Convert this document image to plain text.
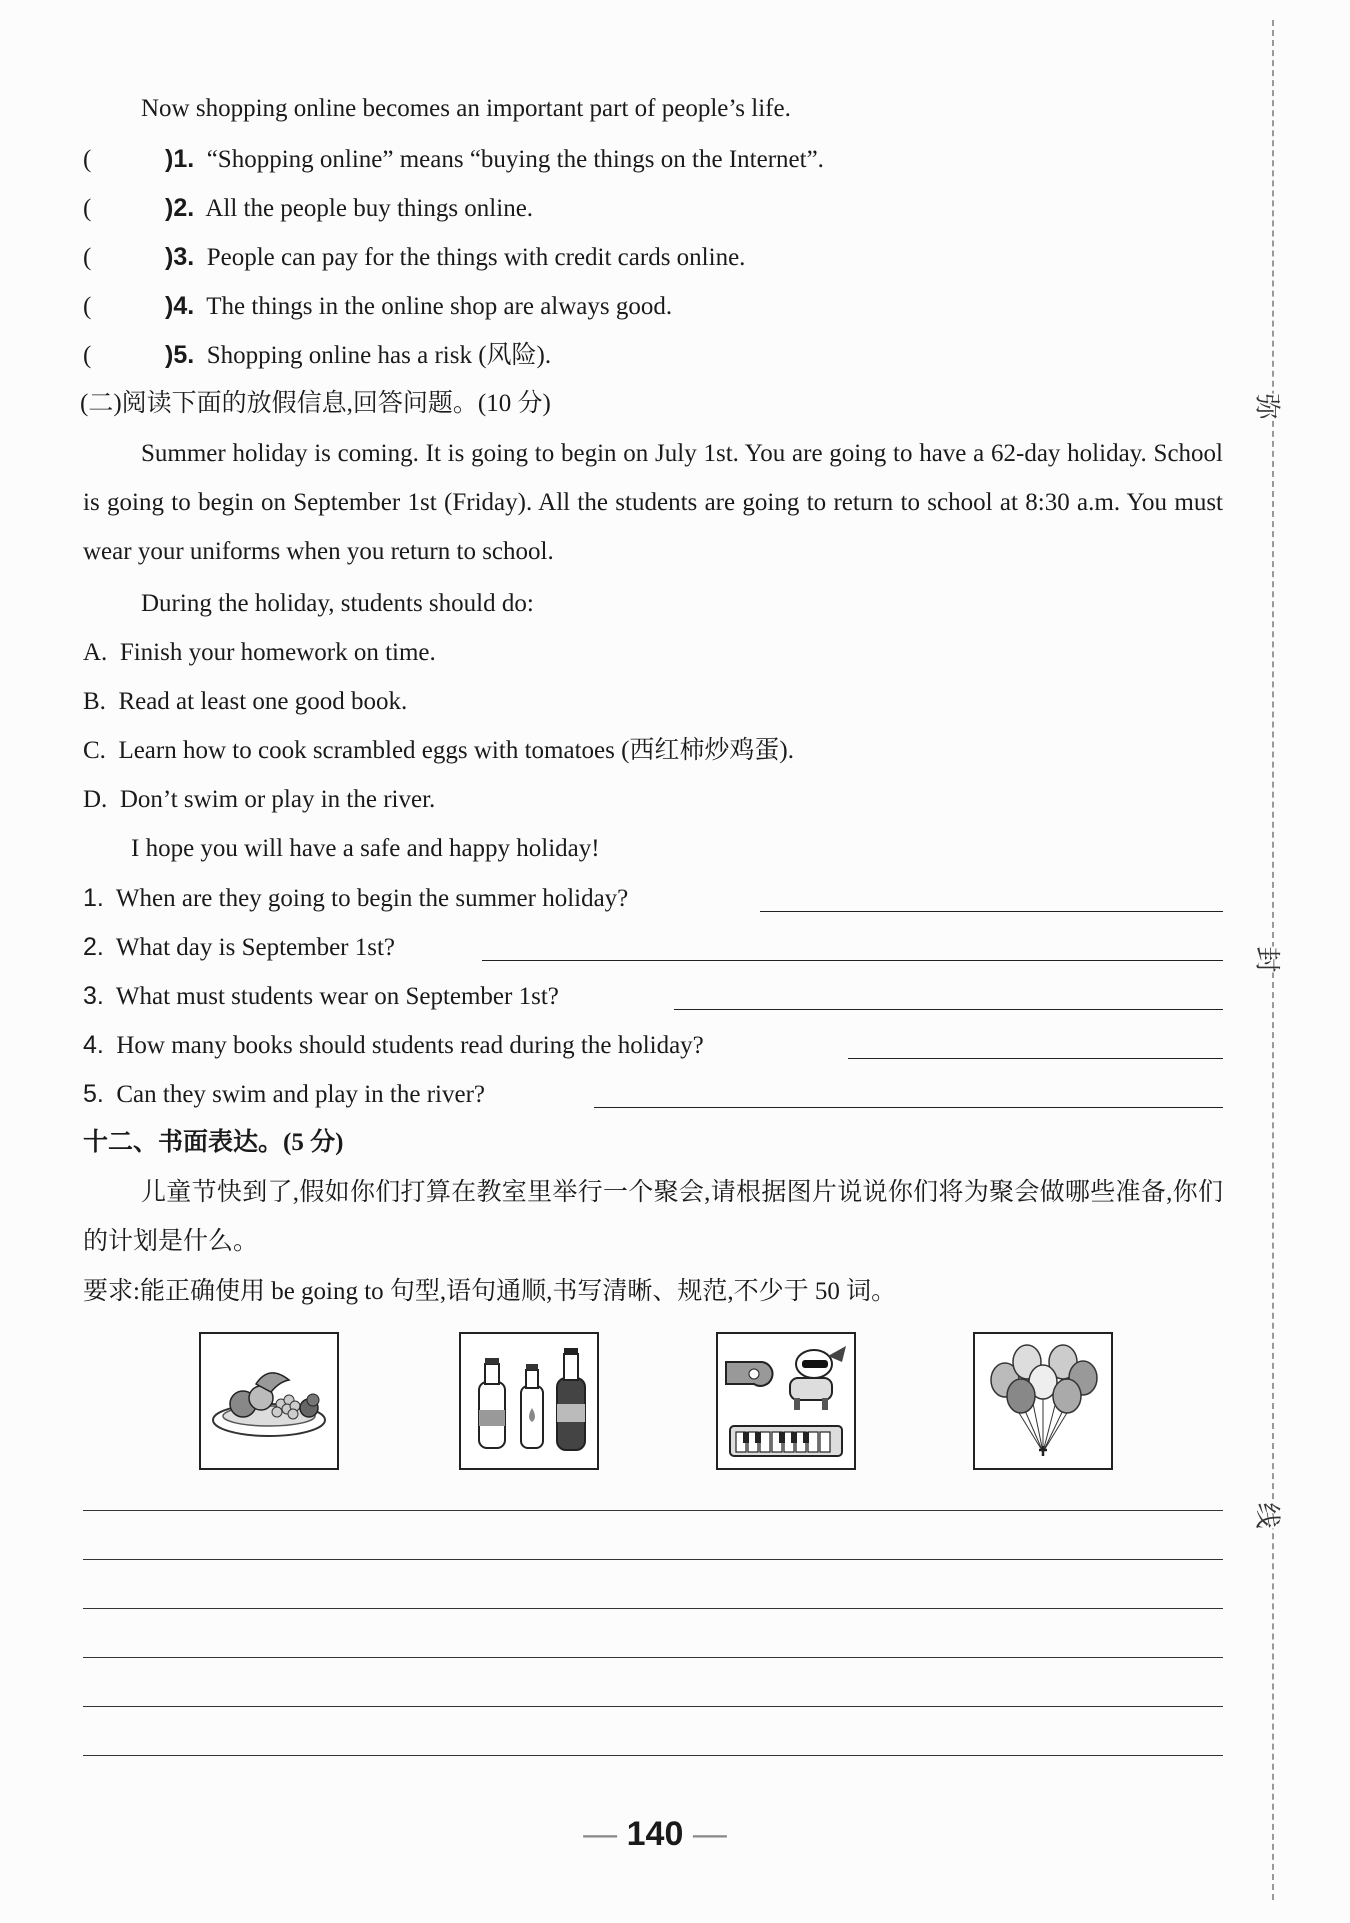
Now shopping online becomes an important part of people’s life.
(	)1. “Shopping online” means “buying the things on the Internet”.
(	)2. All the people buy things online.
(	)3. People can pay for the things with credit cards online.
(	)4. The things in the online shop are always good.
(	)5. Shopping online has a risk (风险).
(二)阅读下面的放假信息,回答问题。(10 分)
Summer holiday is coming. It is going to begin on July 1st. You are going to have a 62-day holiday. School is going to begin on September 1st (Friday). All the students are going to return to school at 8:30 a.m. You must wear your uniforms when you return to school.
During the holiday, students should do:
A. Finish your homework on time.
B. Read at least one good book.
C. Learn how to cook scrambled eggs with tomatoes (西红柿炒鸡蛋).
D. Don’t swim or play in the river.
I hope you will have a safe and happy holiday!
1. When are they going to begin the summer holiday?
2. What day is September 1st?
3. What must students wear on September 1st?
4. How many books should students read during the holiday?
5. Can they swim and play in the river?
十二、书面表达。(5 分)
儿童节快到了,假如你们打算在教室里举行一个聚会,请根据图片说说你们将为聚会做哪些准备,你们的计划是什么。
要求:能正确使用 be going to 句型,语句通顺,书写清晰、规范,不少于 50 词。
弥
封
线
— 140 —
